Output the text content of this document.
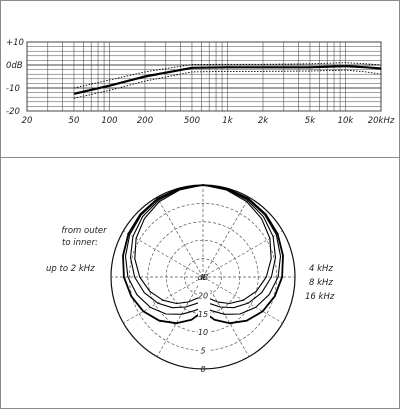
+10
0dB
-10
-20
20	50	100 200	500	1k	2k	5k	10k 20kHz
dB
20
15
10
5
0
from outer
to inner:
up to 2 kHz	4 kHz
8 kHz
16 kHz
